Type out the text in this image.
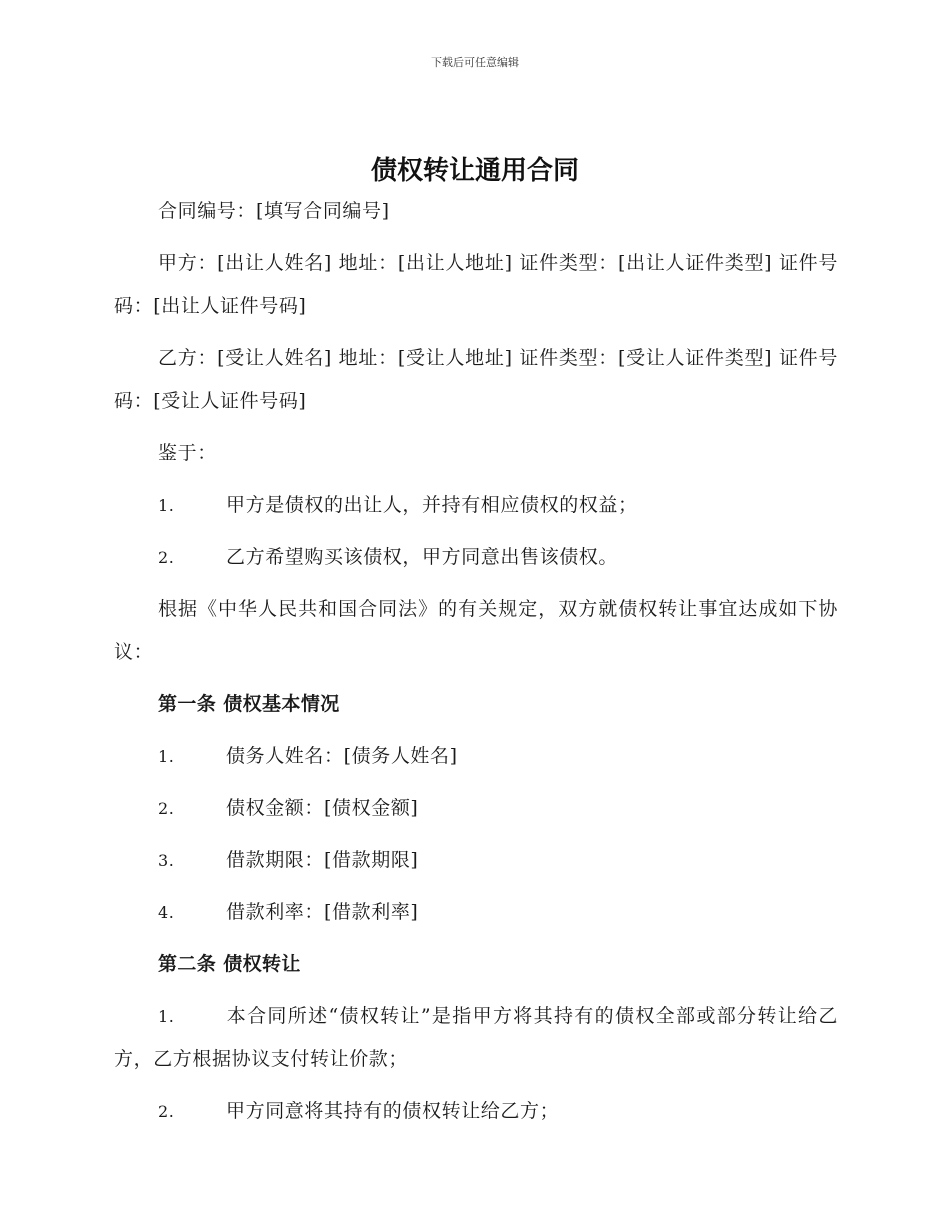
下载后可任意编辑
债权转让通用合同

合同编号：[填写合同编号]

甲方：[出让人姓名] 地址：[出让人地址] 证件类型：[出让人证件类型] 证件号码：[出让人证件号码]

乙方：[受让人姓名] 地址：[受让人地址] 证件类型：[受让人证件类型] 证件号码：[受让人证件号码]

鉴于：

1.	甲方是债权的出让人，并持有相应债权的权益；

2.	乙方希望购买该债权，甲方同意出售该债权。

根据《中华人民共和国合同法》的有关规定，双方就债权转让事宜达成如下协议：

第一条 债权基本情况

1.	债务人姓名：[债务人姓名]

2.	债权金额：[债权金额]

3.	借款期限：[借款期限]

4.	借款利率：[借款利率]

第二条 债权转让

1.	本合同所述“债权转让”是指甲方将其持有的债权全部或部分转让给乙方，乙方根据协议支付转让价款；

2.	甲方同意将其持有的债权转让给乙方；
